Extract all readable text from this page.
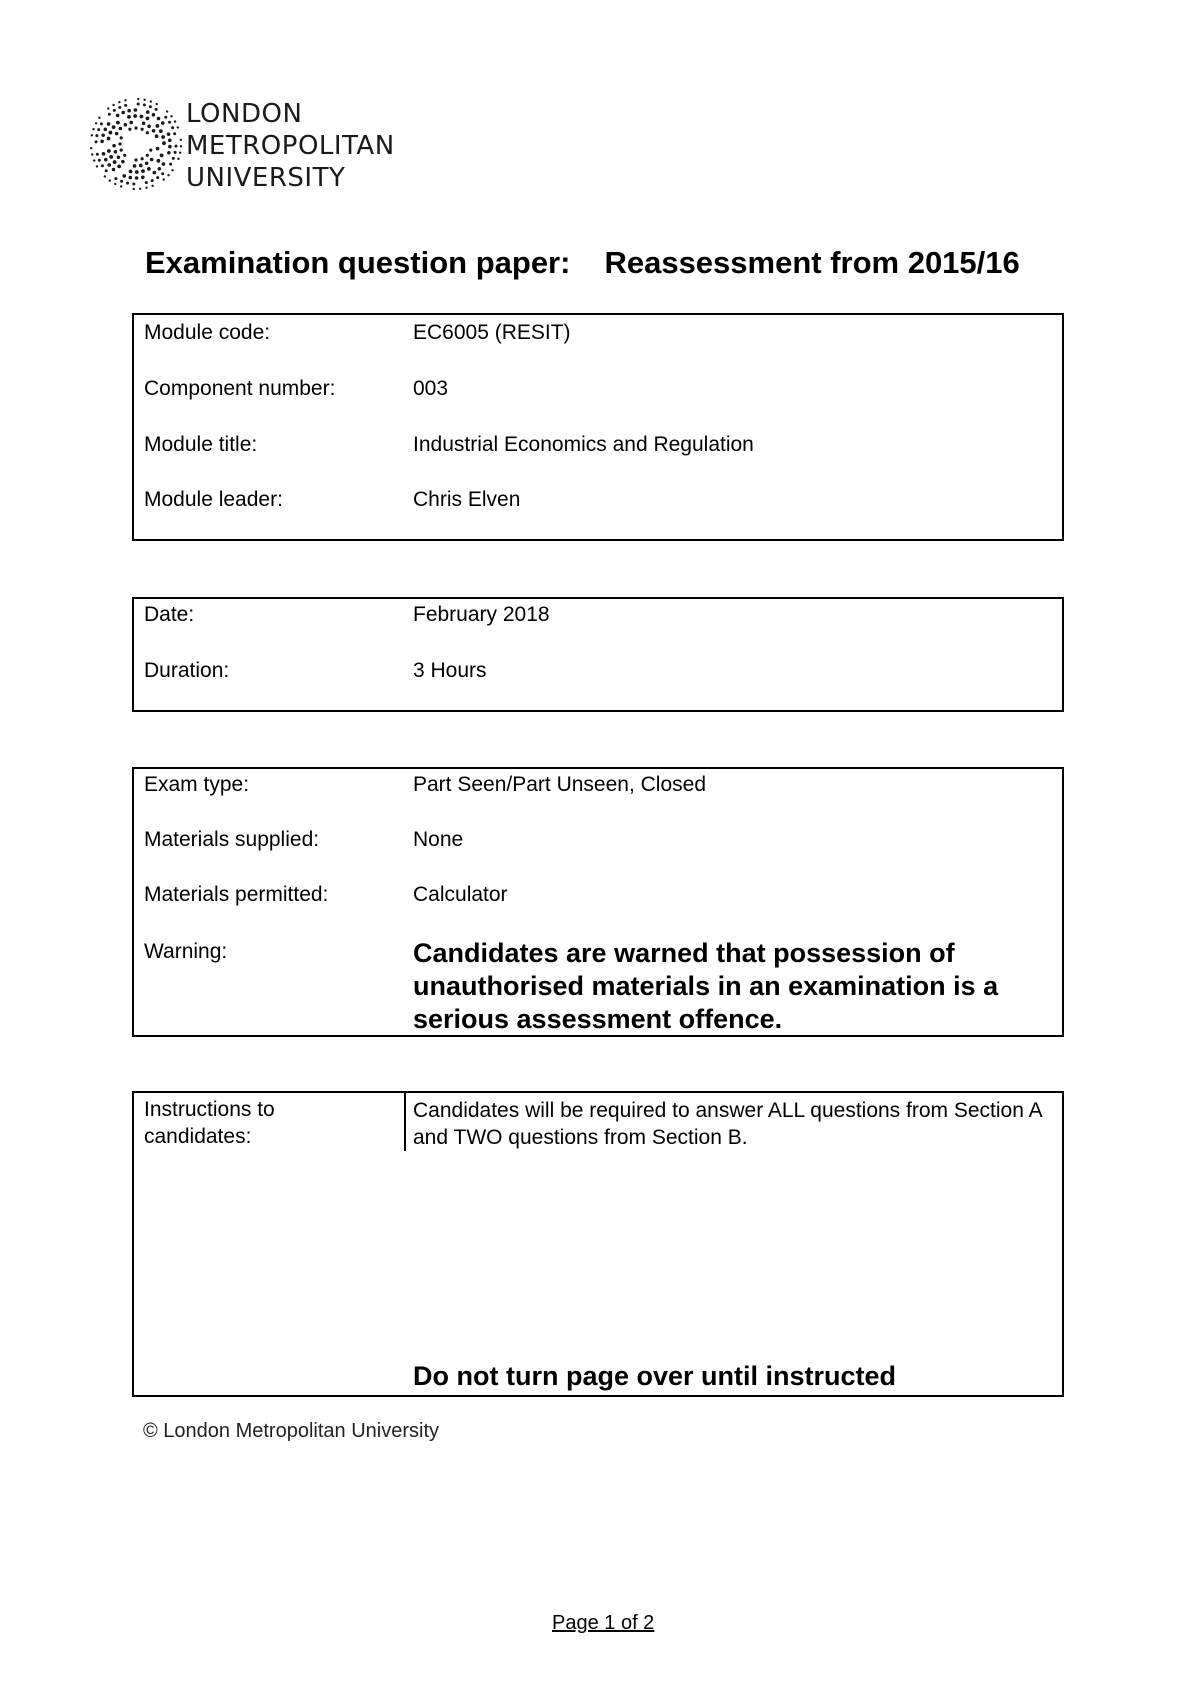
LONDON
METROPOLITAN
UNIVERSITY
Examination question paper: Reassessment from 2015/16
Module code:	EC6005 (RESIT)
Component number:	003
Module title:	Industrial Economics and Regulation
Module leader:	Chris Elven
Date:	February 2018
Duration:	3 Hours
Exam type:	Part Seen/Part Unseen, Closed
Materials supplied:	None
Materials permitted:	Calculator
Warning:	Candidates are warned that possession of unauthorised materials in an examination is a serious assessment offence.
Instructions to candidates:
Candidates will be required to answer ALL questions from Section A and TWO questions from Section B.
Do not turn page over until instructed
© London Metropolitan University
Page 1 of 2
